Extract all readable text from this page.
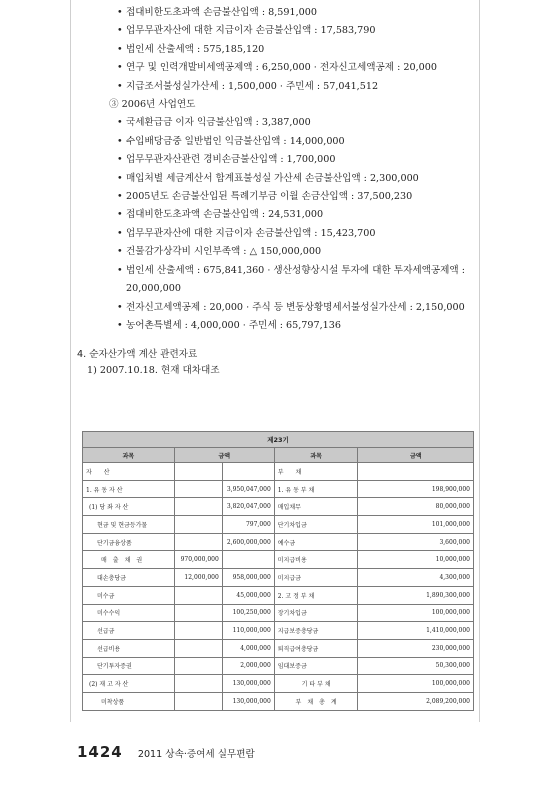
• 접대비한도초과액 손금불산입액 : 8,591,000
• 업무무관자산에 대한 지급이자 손금불산입액 : 17,583,790
• 법인세 산출세액 : 575,185,120
• 연구 및 인력개발비세액공제액 : 6,250,000 · 전자신고세액공제 : 20,000
• 지급조서불성실가산세 : 1,500,000 · 주민세 : 57,041,512
③ 2006년 사업연도
• 국세환급금 이자 익금불산입액 : 3,387,000
• 수입배당금중 일반법인 익금불산입액 : 14,000,000
• 업무무관자산관련 경비손금불산입액 : 1,700,000
• 매입처별 세금계산서 합계표불성실 가산세 손금불산입액 : 2,300,000
• 2005년도 손금불산입된 특례기부금 이월 손금산입액 : 37,500,230
• 접대비한도초과액 손금불산입액 : 24,531,000
• 업무무관자산에 대한 지급이자 손금불산입액 : 15,423,700
• 건물감가상각비 시인부족액 : △ 150,000,000
• 법인세 산출세액 : 675,841,360 · 생산성향상시설 투자에 대한 투자세액공제액 : 20,000,000
• 전자신고세액공제 : 20,000 · 주식 등 변동상황명세서불성실가산세 : 2,150,000
• 농어촌특별세 : 4,000,000 · 주민세 : 65,797,136
4. 순자산가액 계산 관련자료
1) 2007.10.18. 현재 대차대조
제23기				
과목	금액		과목	금액
자　　산			부　　채	
1. 유 동 자 산		3,950,047,000	1. 유 동 부 채	198,900,000
(1) 당 좌 자 산		3,820,047,000	매입채무	80,000,000
현금 및 현금등가물		797,000	단기차입금	101,000,000
단기금융상품		2,600,000,000	예수금	3,600,000
매　출　채　권	970,000,000		미지급비용	10,000,000
대손충당금	12,000,000	958,000,000	미지급금	4,300,000
미수금		45,000,000	2. 고 정 부 채	1,890,300,000
미수수익		100,250,000	장기차입금	100,000,000
선급금		110,000,000	지급보증충당금	1,410,000,000
선급비용		4,000,000	퇴직급여충당금	230,000,000
단기투자증권		2,000,000	임대보증금	50,300,000
(2) 재 고 자 산		130,000,000	기 타 부 채	100,000,000
미착상품		130,000,000	부　채　총　계	2,089,200,000
1424 2011 상속·증여세 실무편람
